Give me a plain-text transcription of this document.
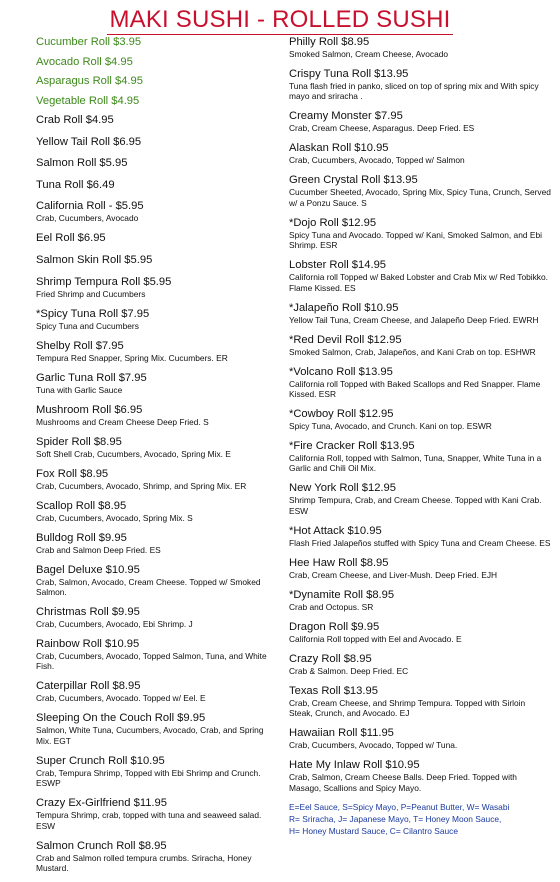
MAKI SUSHI - ROLLED SUSHI
Cucumber Roll $3.95
Avocado Roll $4.95
Asparagus Roll $4.95
Vegetable Roll $4.95
Crab Roll $4.95
Yellow Tail Roll $6.95
Salmon Roll $5.95
Tuna Roll $6.49
California Roll - $5.95
Crab, Cucumbers, Avocado
Eel Roll $6.95
Salmon Skin Roll $5.95
Shrimp Tempura Roll $5.95
Fried Shrimp and Cucumbers
*Spicy Tuna Roll $7.95
Spicy Tuna and Cucumbers
Shelby Roll $7.95
Tempura Red Snapper, Spring Mix. Cucumbers. ER
Garlic Tuna Roll $7.95
Tuna with Garlic Sauce
Mushroom Roll $6.95
Mushrooms and Cream Cheese Deep Fried. S
Spider Roll $8.95
Soft Shell Crab, Cucumbers, Avocado, Spring Mix. E
Fox Roll $8.95
Crab, Cucumbers, Avocado, Shrimp, and Spring Mix. ER
Scallop Roll $8.95
Crab, Cucumbers, Avocado, Spring Mix. S
Bulldog Roll $9.95
Crab and Salmon Deep Fried. ES
Bagel Deluxe $10.95
Crab, Salmon, Avocado, Cream Cheese. Topped w/ Smoked Salmon.
Christmas Roll $9.95
Crab, Cucumbers, Avocado, Ebi Shrimp. J
Rainbow Roll $10.95
Crab, Cucumbers, Avocado, Topped Salmon, Tuna, and White Fish.
Caterpillar Roll $8.95
Crab, Cucumbers, Avocado. Topped w/ Eel. E
Sleeping On the Couch Roll $9.95
Salmon, White Tuna, Cucumbers, Avocado, Crab, and Spring Mix. EGT
Super Crunch Roll $10.95
Crab, Tempura Shrimp, Topped with Ebi Shrimp and Crunch. ESWP
Crazy Ex-Girlfriend $11.95
Tempura Shrimp, crab, topped with tuna and seaweed salad. ESW
Salmon Crunch Roll $8.95
Crab and Salmon rolled tempura crumbs. Sriracha, Honey Mustard.
Philly Roll $8.95
Smoked Salmon, Cream Cheese, Avocado
Crispy Tuna Roll $13.95
Tuna flash fried in panko, sliced on top of spring mix and With spicy mayo and sriracha .
Creamy Monster $7.95
Crab, Cream Cheese, Asparagus. Deep Fried. ES
Alaskan Roll $10.95
Crab, Cucumbers, Avocado, Topped w/ Salmon
Green Crystal Roll $13.95
Cucumber Sheeted, Avocado, Spring Mix, Spicy Tuna, Crunch, Served w/ a Ponzu Sauce. S
*Dojo Roll $12.95
Spicy Tuna and Avocado. Topped w/ Kani, Smoked Salmon, and Ebi Shrimp. ESR
Lobster Roll $14.95
California roll Topped w/ Baked Lobster and Crab Mix w/ Red Tobikko. Flame Kissed. ES
*Jalapeño Roll $10.95
Yellow Tail Tuna, Cream Cheese, and Jalapeño Deep Fried. EWRH
*Red Devil Roll $12.95
Smoked Salmon, Crab, Jalapeños, and Kani Crab on top. ESHWR
*Volcano Roll $13.95
California roll Topped with Baked Scallops and Red Snapper. Flame Kissed. ESR
*Cowboy Roll $12.95
Spicy Tuna, Avocado, and Crunch. Kani on top. ESWR
*Fire Cracker Roll $13.95
California Roll, topped with Salmon, Tuna, Snapper, White Tuna in a Garlic and Chili Oil Mix.
New York Roll $12.95
Shrimp Tempura, Crab, and Cream Cheese. Topped with Kani Crab. ESW
*Hot Attack $10.95
Flash Fried Jalapeños stuffed with Spicy Tuna and Cream Cheese. ES
Hee Haw Roll $8.95
Crab, Cream Cheese, and Liver-Mush. Deep Fried. EJH
*Dynamite Roll $8.95
Crab and Octopus. SR
Dragon Roll $9.95
California Roll topped with Eel and Avocado. E
Crazy Roll $8.95
Crab & Salmon. Deep Fried. EC
Texas Roll $13.95
Crab, Cream Cheese, and Shrimp Tempura. Topped with Sirloin Steak, Crunch, and Avocado. EJ
Hawaiian Roll $11.95
Crab, Cucumbers, Avocado, Topped w/ Tuna.
Hate My Inlaw Roll $10.95
Crab, Salmon, Cream Cheese Balls. Deep Fried. Topped with Masago, Scallions and Spicy Mayo.
E=Eel Sauce, S=Spicy Mayo, P=Peanut Butter, W= Wasabi
R= Sriracha, J= Japanese Mayo, T= Honey Moon Sauce,
H= Honey Mustard Sauce, C= Cilantro Sauce
